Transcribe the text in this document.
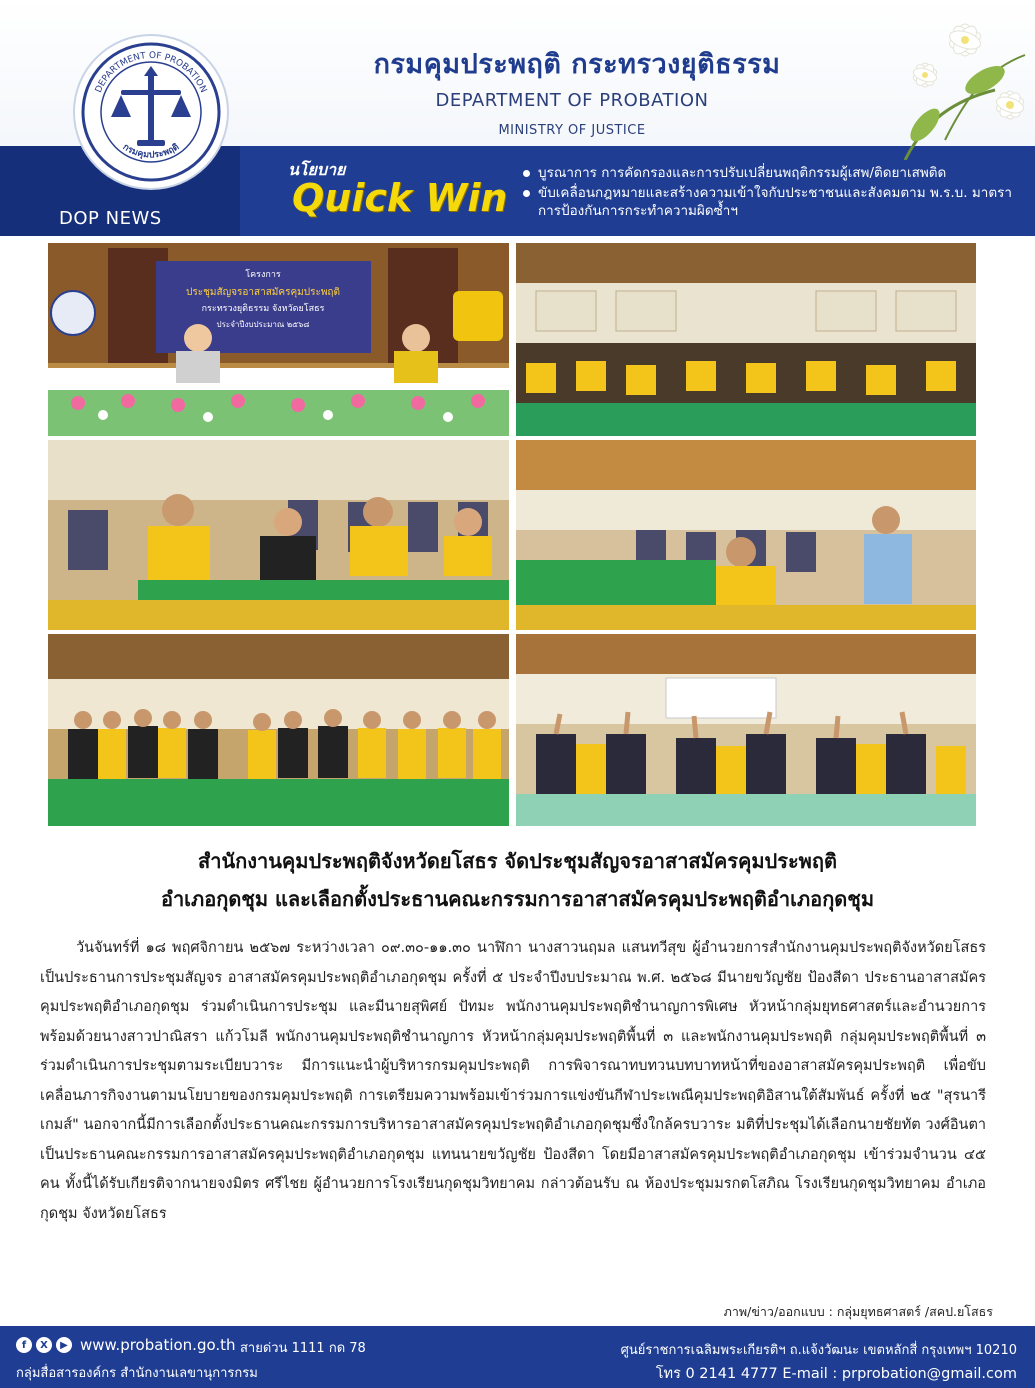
กรมคุมประพฤติ กระทรวงยุติธรรม
DEPARTMENT OF PROBATION
MINISTRY OF JUSTICE
DEPARTMENT OF PROBATION
กรมคุมประพฤติ
DOP NEWS
นโยบาย
Quick Win
บูรณาการ การคัดกรองและการปรับเปลี่ยนพฤติกรรมผู้เสพ/ติดยาเสพติด
ขับเคลื่อนกฎหมายและสร้างความเข้าใจกับประชาชนและสังคมตาม พ.ร.บ. มาตราการป้องกันการกระทำความผิดซ้ำฯ
โครงการ
ประชุมสัญจรอาสาสมัครคุมประพฤติ
กระทรวงยุติธรรม จังหวัดยโสธร
ประจำปีงบประมาณ ๒๕๖๘
สำนักงานคุมประพฤติจังหวัดยโสธร จัดประชุมสัญจรอาสาสมัครคุมประพฤติ
อำเภอกุดชุม และเลือกตั้งประธานคณะกรรมการอาสาสมัครคุมประพฤติอำเภอกุดชุม

วันจันทร์ที่ ๑๘ พฤศจิกายน ๒๕๖๗ ระหว่างเวลา ๐๙.๓๐-๑๑.๓๐ นาฬิกา นางสาวนฤมล แสนทวีสุข ผู้อำนวยการสำนักงานคุมประพฤติจังหวัดยโสธร เป็นประธานการประชุมสัญจร อาสาสมัครคุมประพฤติอำเภอกุดชุม ครั้งที่ ๕ ประจำปีงบประมาณ พ.ศ. ๒๕๖๘ มีนายขวัญชัย ป้องสีดา ประธานอาสาสมัครคุมประพฤติอำเภอกุดชุม ร่วมดำเนินการประชุม และมีนายสุพิศย์ ปัทมะ พนักงานคุมประพฤติชำนาญการพิเศษ หัวหน้ากลุ่มยุทธศาสตร์และอำนวยการ พร้อมด้วยนางสาวปาณิสรา แก้วโมลี พนักงานคุมประพฤติชำนาญการ หัวหน้ากลุ่มคุมประพฤติพื้นที่ ๓ และพนักงานคุมประพฤติ กลุ่มคุมประพฤติพื้นที่ ๓ ร่วมดำเนินการประชุมตามระเบียบวาระ มีการแนะนำผู้บริหารกรมคุมประพฤติ การพิจารณาทบทวนบทบาทหน้าที่ของอาสาสมัครคุมประพฤติ เพื่อขับเคลื่อนภารกิจงานตามนโยบายของกรมคุมประพฤติ การเตรียมความพร้อมเข้าร่วมการแข่งขันกีฬาประเพณีคุมประพฤติอิสานใต้สัมพันธ์ ครั้งที่ ๒๕ "สุรนารีเกมส์" นอกจากนี้มีการเลือกตั้งประธานคณะกรรมการบริหารอาสาสมัครคุมประพฤติอำเภอกุดชุมซึ่งใกล้ครบวาระ มติที่ประชุมได้เลือกนายชัยทัต วงศ์อินตา เป็นประธานคณะกรรมการอาสาสมัครคุมประพฤติอำเภอกุดชุม แทนนายขวัญชัย ป้องสีดา โดยมีอาสาสมัครคุมประพฤติอำเภอกุดชุม เข้าร่วมจำนวน ๔๕ คน ทั้งนี้ได้รับเกียรติจากนายจงมิตร ศรีไชย ผู้อำนวยการโรงเรียนกุดชุมวิทยาคม กล่าวต้อนรับ ณ ห้องประชุมมรกตโสภิณ โรงเรียนกุดชุมวิทยาคม อำเภอกุดชุม จังหวัดยโสธร

ภาพ/ข่าว/ออกแบบ : กลุ่มยุทธศาสตร์ /สคป.ยโสธร
f	X	▶ www.probation.go.th สายด่วน 1111 กด 78
กลุ่มสื่อสารองค์กร สำนักงานเลขานุการกรม
ศูนย์ราชการเฉลิมพระเกียรติฯ ถ.แจ้งวัฒนะ เขตหลักสี่ กรุงเทพฯ 10210
โทร 0 2141 4777 E-mail : prprobation@gmail.com
